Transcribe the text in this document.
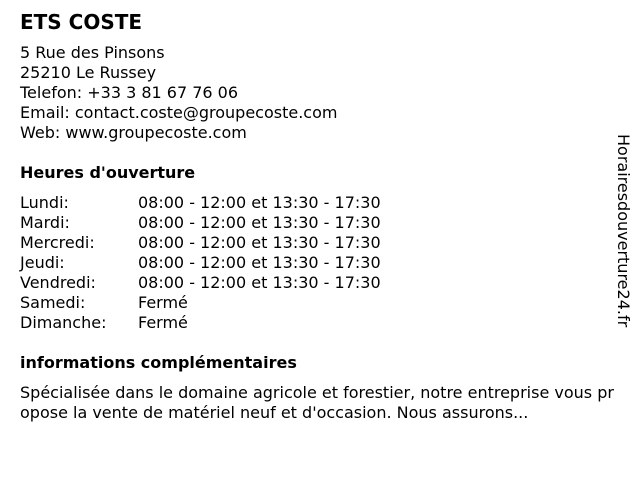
ETS COSTE
5 Rue des Pinsons
25210 Le Russey
Telefon: +33 3 81 67 76 06
Email: contact.coste@groupecoste.com
Web: www.groupecoste.com
Heures d'ouverture
Lundi:	08:00 - 12:00 et 13:30 - 17:30
Mardi:	08:00 - 12:00 et 13:30 - 17:30
Mercredi:	08:00 - 12:00 et 13:30 - 17:30
Jeudi:	08:00 - 12:00 et 13:30 - 17:30
Vendredi:	08:00 - 12:00 et 13:30 - 17:30
Samedi:	Fermé
Dimanche: Fermé
informations complémentaires
Spécialisée dans le domaine agricole et forestier, notre entreprise vous propose la vente de matériel neuf et d'occasion. Nous assurons...
Horairesdouverture24.fr
